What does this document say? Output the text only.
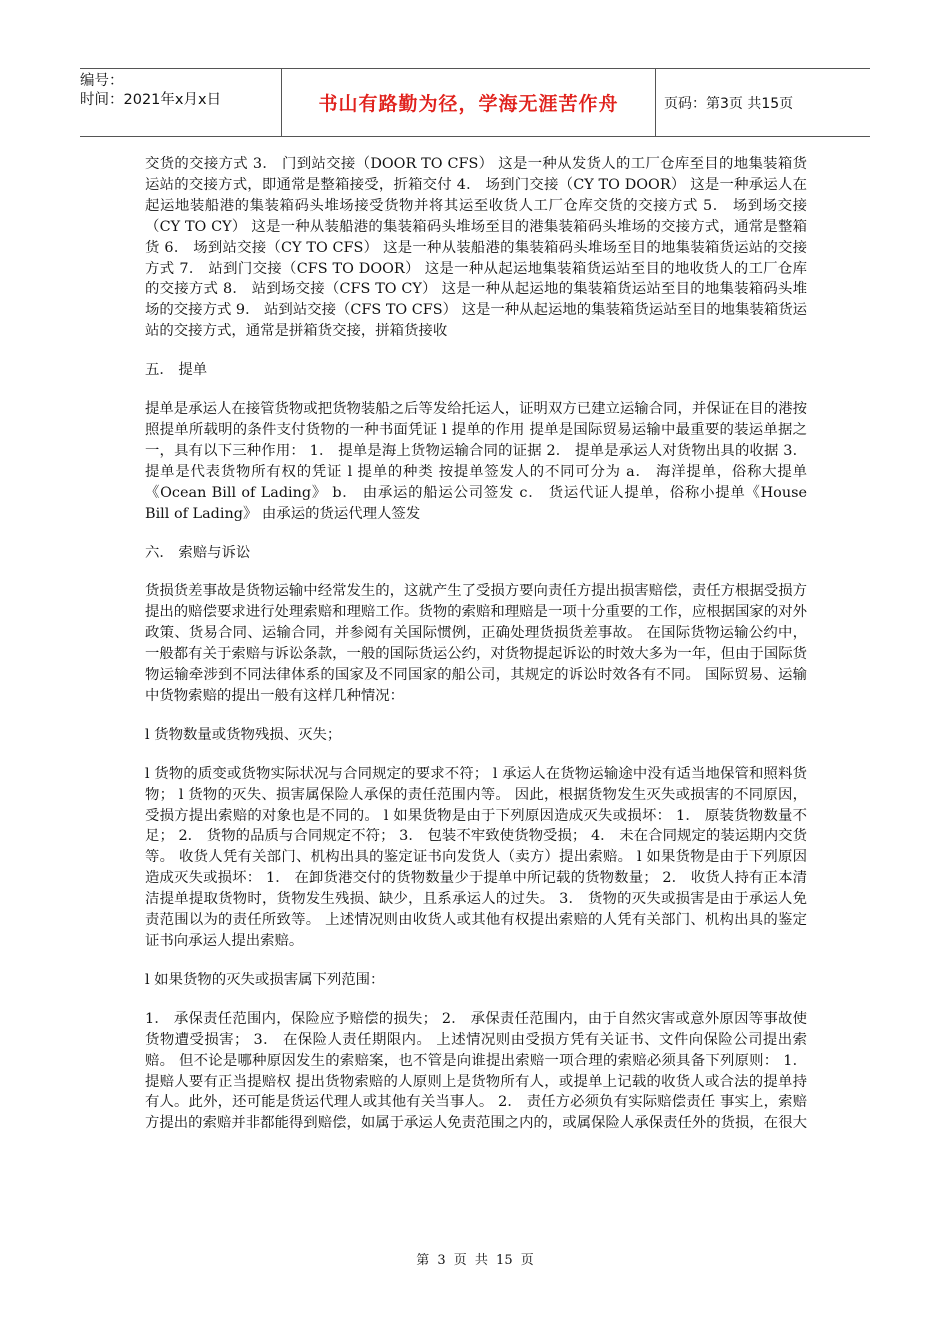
编号：
时间：2021年x月x日	书山有路勤为径，学海无涯苦作舟	页码：第3页 共15页

交货的交接方式 3． 门到站交接（DOOR TO CFS） 这是一种从发货人的工厂仓库至目的地集装箱货运站的交接方式，即通常是整箱接受，折箱交付 4． 场到门交接（CY TO DOOR） 这是一种承运人在起运地装船港的集装箱码头堆场接受货物并将其运至收货人工厂仓库交货的交接方式 5． 场到场交接（CY TO CY） 这是一种从装船港的集装箱码头堆场至目的港集装箱码头堆场的交接方式，通常是整箱货 6． 场到站交接（CY TO CFS） 这是一种从装船港的集装箱码头堆场至目的地集装箱货运站的交接方式 7． 站到门交接（CFS TO DOOR） 这是一种从起运地集装箱货运站至目的地收货人的工厂仓库的交接方式 8． 站到场交接（CFS TO CY） 这是一种从起运地的集装箱货运站至目的地集装箱码头堆场的交接方式 9． 站到站交接（CFS TO CFS） 这是一种从起运地的集装箱货运站至目的地集装箱货运站的交接方式，通常是拼箱货交接，拼箱货接收

五． 提单

提单是承运人在接管货物或把货物装船之后等发给托运人，证明双方已建立运输合同，并保证在目的港按照提单所载明的条件支付货物的一种书面凭证 l 提单的作用 提单是国际贸易运输中最重要的装运单据之一，具有以下三种作用： 1． 提单是海上货物运输合同的证据 2． 提单是承运人对货物出具的收据 3． 提单是代表货物所有权的凭证 l 提单的种类 按提单签发人的不同可分为 a． 海洋提单，俗称大提单《Ocean Bill of Lading》 b． 由承运的船运公司签发 c． 货运代证人提单，俗称小提单《House Bill of Lading》 由承运的货运代理人签发

六． 索赔与诉讼

货损货差事故是货物运输中经常发生的，这就产生了受损方要向责任方提出损害赔偿，责任方根据受损方提出的赔偿要求进行处理索赔和理赔工作。货物的索赔和理赔是一项十分重要的工作，应根据国家的对外政策、货易合同、运输合同，并参阅有关国际惯例，正确处理货损货差事故。 在国际货物运输公约中，一般都有关于索赔与诉讼条款，一般的国际货运公约，对货物提起诉讼的时效大多为一年，但由于国际货物运输牵涉到不同法律体系的国家及不同国家的船公司，其规定的诉讼时效各有不同。 国际贸易、运输中货物索赔的提出一般有这样几种情况：

l 货物数量或货物残损、灭失；

l 货物的质变或货物实际状况与合同规定的要求不符； l 承运人在货物运输途中没有适当地保管和照料货物； l 货物的灭失、损害属保险人承保的责任范围内等。 因此，根据货物发生灭失或损害的不同原因，受损方提出索赔的对象也是不同的。 l 如果货物是由于下列原因造成灭失或损坏： 1． 原装货物数量不足； 2． 货物的品质与合同规定不符； 3． 包装不牢致使货物受损； 4． 未在合同规定的装运期内交货等。 收货人凭有关部门、机构出具的鉴定证书向发货人（卖方）提出索赔。 l 如果货物是由于下列原因造成灭失或损坏： 1． 在卸货港交付的货物数量少于提单中所记载的货物数量； 2． 收货人持有正本清洁提单提取货物时，货物发生残损、缺少，且系承运人的过失。 3． 货物的灭失或损害是由于承运人免责范围以为的责任所致等。 上述情况则由收货人或其他有权提出索赔的人凭有关部门、机构出具的鉴定证书向承运人提出索赔。

l 如果货物的灭失或损害属下列范围：

1． 承保责任范围内，保险应予赔偿的损失； 2． 承保责任范围内，由于自然灾害或意外原因等事故使货物遭受损害； 3． 在保险人责任期限内。 上述情况则由受损方凭有关证书、文件向保险公司提出索赔。 但不论是哪种原因发生的索赔案，也不管是向谁提出索赔一项合理的索赔必须具备下列原则： 1． 提赔人要有正当提赔权 提出货物索赔的人原则上是货物所有人，或提单上记载的收货人或合法的提单持有人。此外，还可能是货运代理人或其他有关当事人。 2． 责任方必须负有实际赔偿责任 事实上，索赔方提出的索赔并非都能得到赔偿，如属于承运人免责范围之内的，或属保险人承保责任外的货损，在很大

第 3 页 共 15 页
